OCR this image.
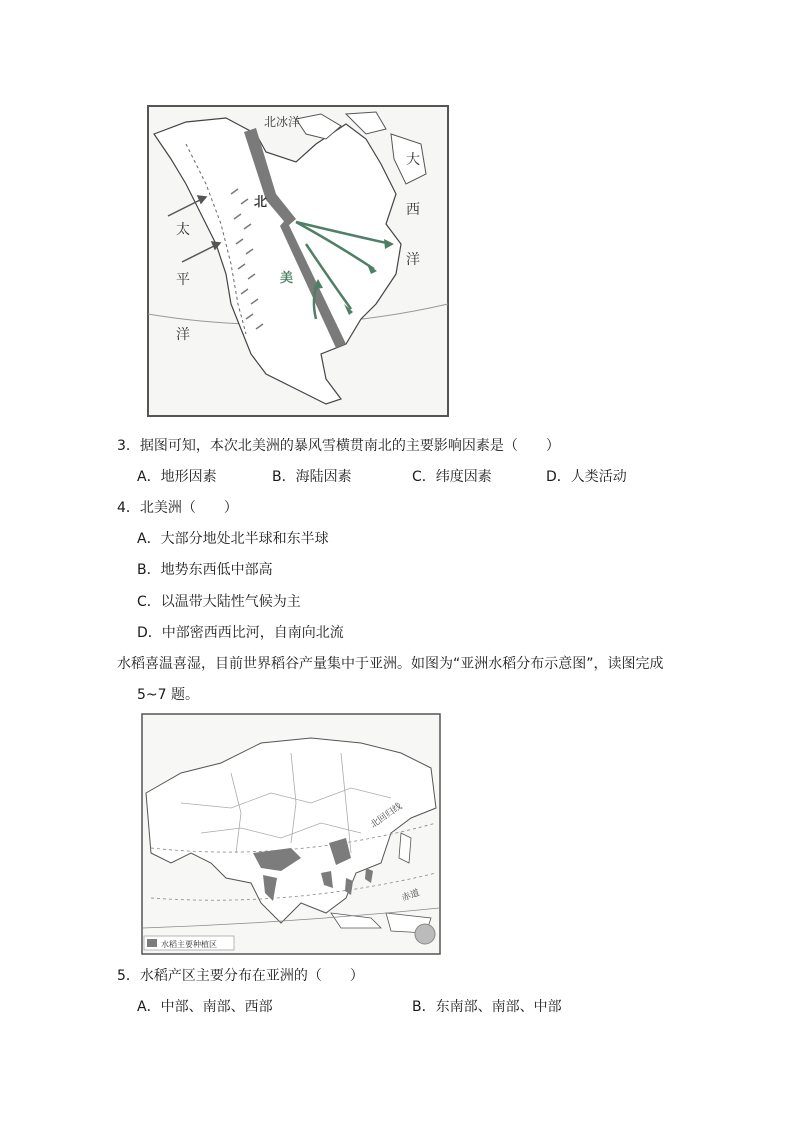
北冰洋
大
西
洋
太
平
洋
北
美
3．据图可知，本次北美洲的暴风雪横贯南北的主要影响因素是（　　）
A．地形因素	B．海陆因素	C．纬度因素	D．人类活动
4．北美洲（　　）
A．大部分地处北半球和东半球
B．地势东西低中部高
C．以温带大陆性气候为主
D．中部密西西比河，自南向北流
水稻喜温喜湿，目前世界稻谷产量集中于亚洲。如图为“亚洲水稻分布示意图”，读图完成
5~7 题。
水稻主要种植区
北回归线
赤道
5．水稻产区主要分布在亚洲的（　　）
A．中部、南部、西部	B．东南部、南部、中部
